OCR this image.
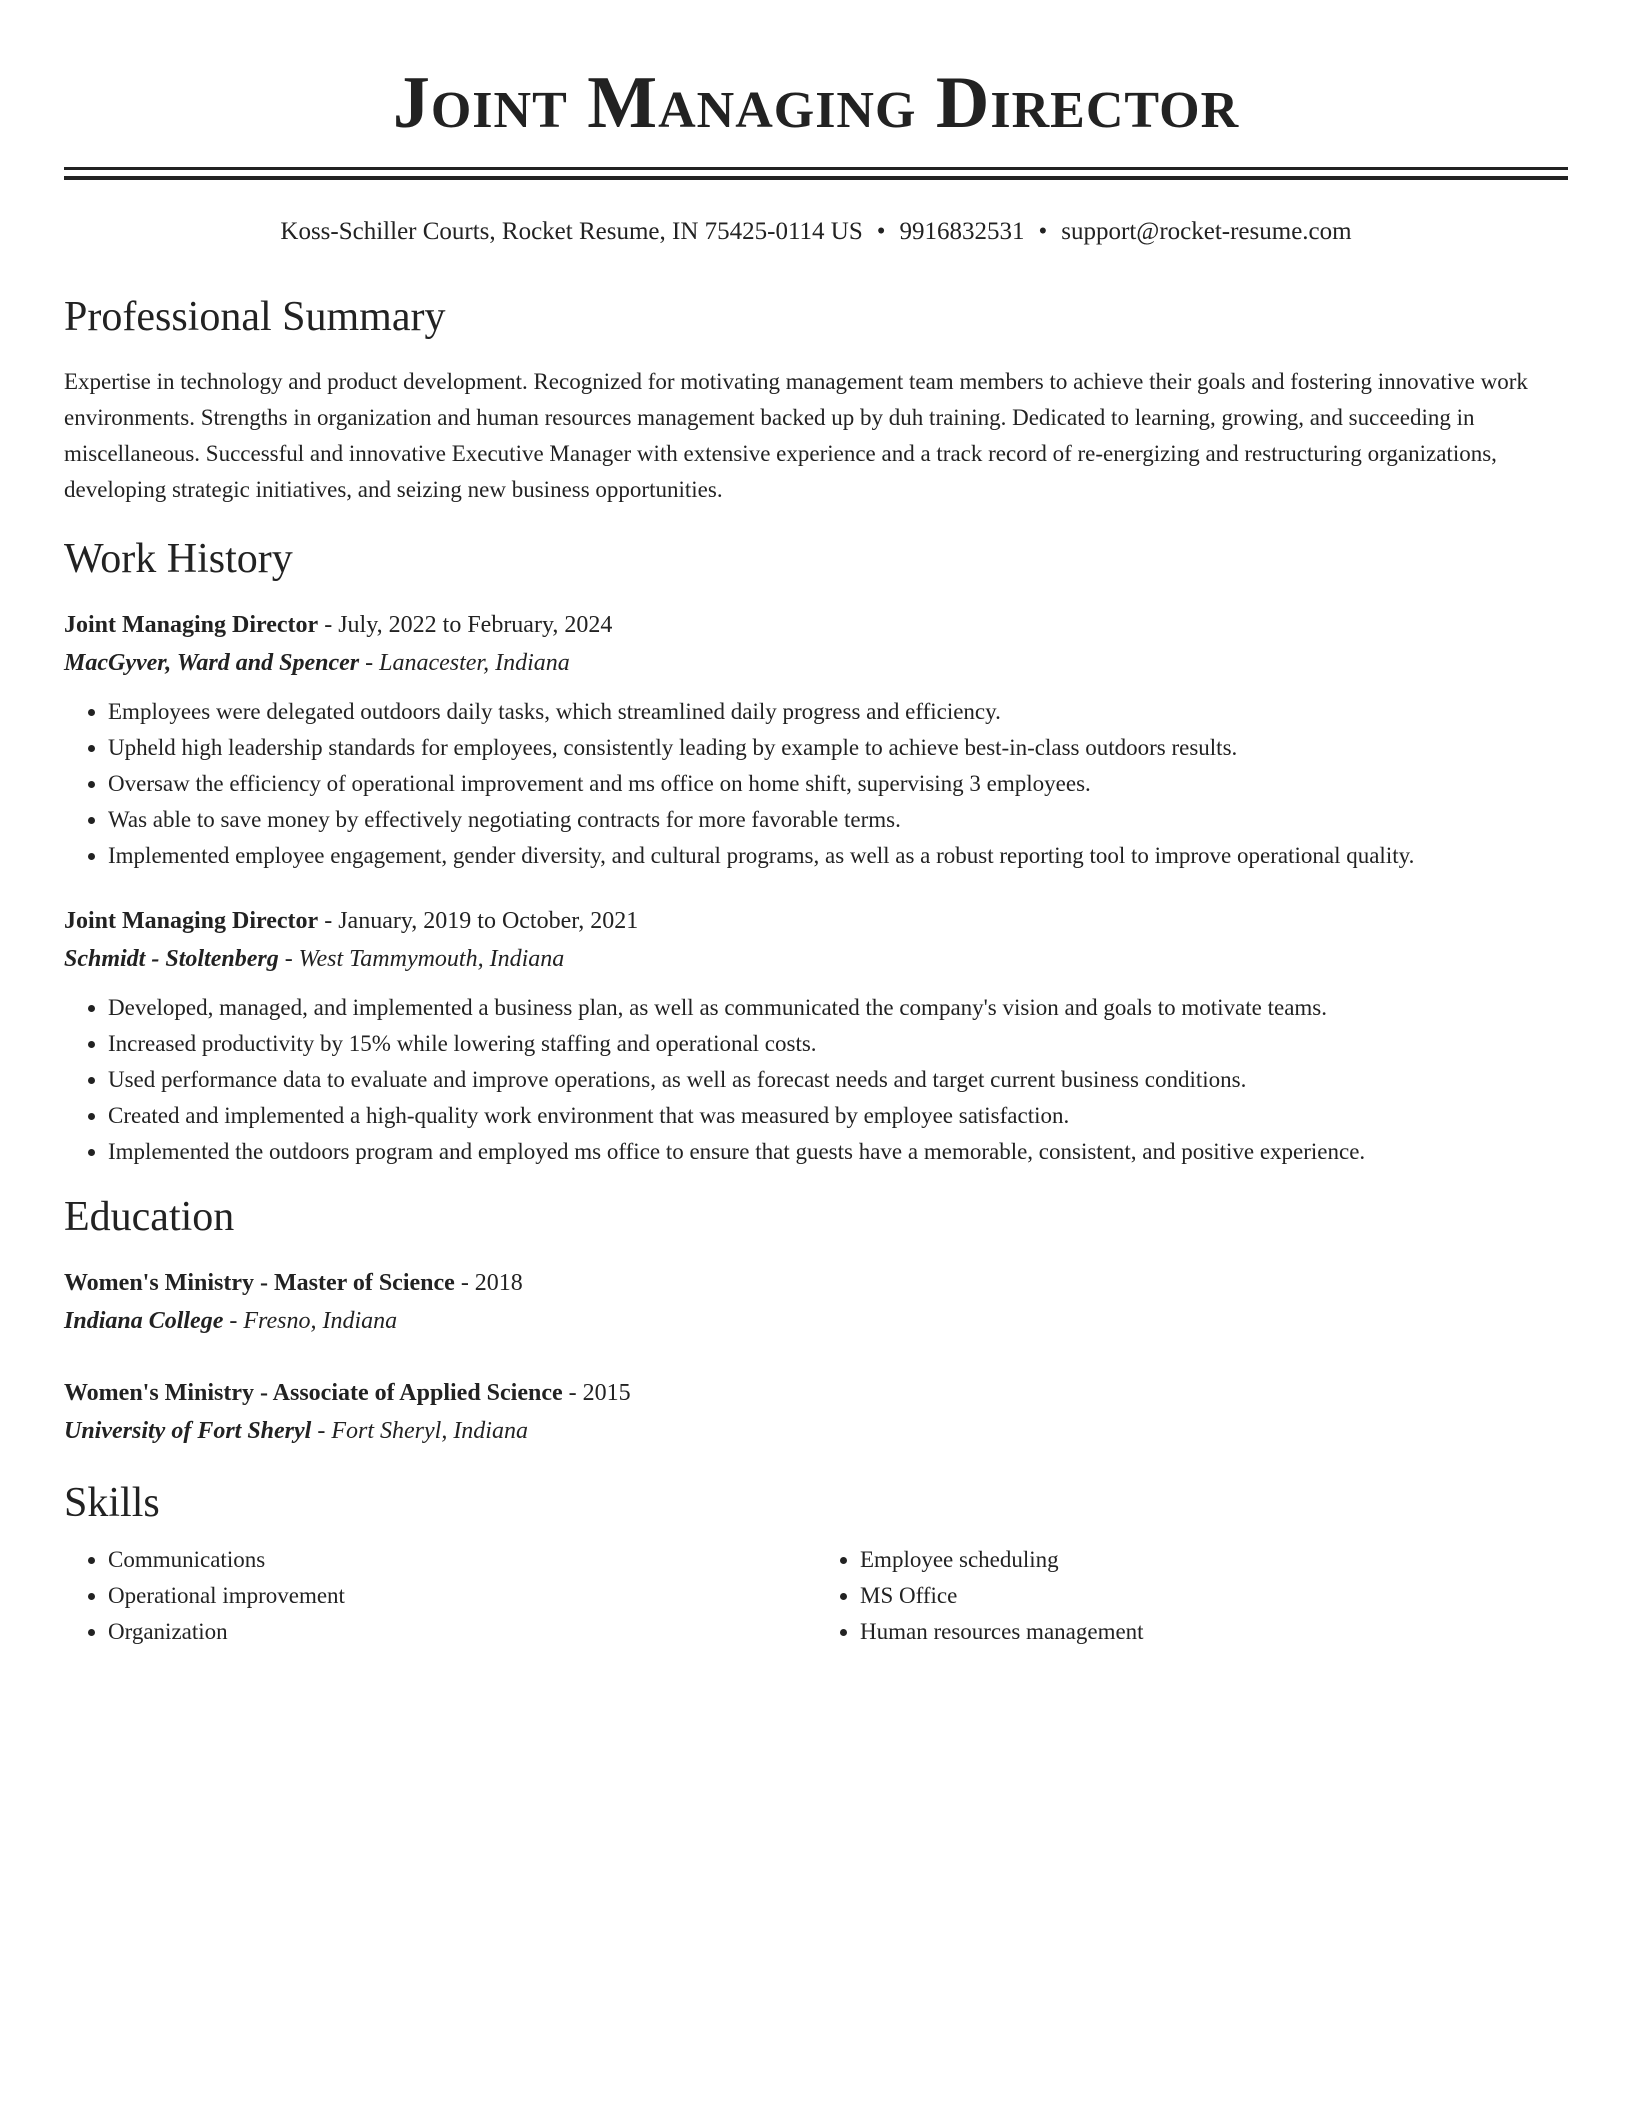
Joint Managing Director
Koss-Schiller Courts, Rocket Resume, IN 75425-0114 US • 9916832531 • support@rocket-resume.com
Professional Summary
Expertise in technology and product development. Recognized for motivating management team members to achieve their goals and fostering innovative work environments. Strengths in organization and human resources management backed up by duh training. Dedicated to learning, growing, and succeeding in miscellaneous. Successful and innovative Executive Manager with extensive experience and a track record of re-energizing and restructuring organizations, developing strategic initiatives, and seizing new business opportunities.
Work History
Joint Managing Director - July, 2022 to February, 2024
MacGyver, Ward and Spencer - Lanacester, Indiana
• Employees were delegated outdoors daily tasks, which streamlined daily progress and efficiency.
• Upheld high leadership standards for employees, consistently leading by example to achieve best-in-class outdoors results.
• Oversaw the efficiency of operational improvement and ms office on home shift, supervising 3 employees.
• Was able to save money by effectively negotiating contracts for more favorable terms.
• Implemented employee engagement, gender diversity, and cultural programs, as well as a robust reporting tool to improve operational quality.
Joint Managing Director - January, 2019 to October, 2021
Schmidt - Stoltenberg - West Tammymouth, Indiana
• Developed, managed, and implemented a business plan, as well as communicated the company's vision and goals to motivate teams.
• Increased productivity by 15% while lowering staffing and operational costs.
• Used performance data to evaluate and improve operations, as well as forecast needs and target current business conditions.
• Created and implemented a high-quality work environment that was measured by employee satisfaction.
• Implemented the outdoors program and employed ms office to ensure that guests have a memorable, consistent, and positive experience.
Education
Women's Ministry - Master of Science - 2018
Indiana College - Fresno, Indiana
Women's Ministry - Associate of Applied Science - 2015
University of Fort Sheryl - Fort Sheryl, Indiana
Skills
• Communications
• Operational improvement
• Organization
• Employee scheduling
• MS Office
• Human resources management
